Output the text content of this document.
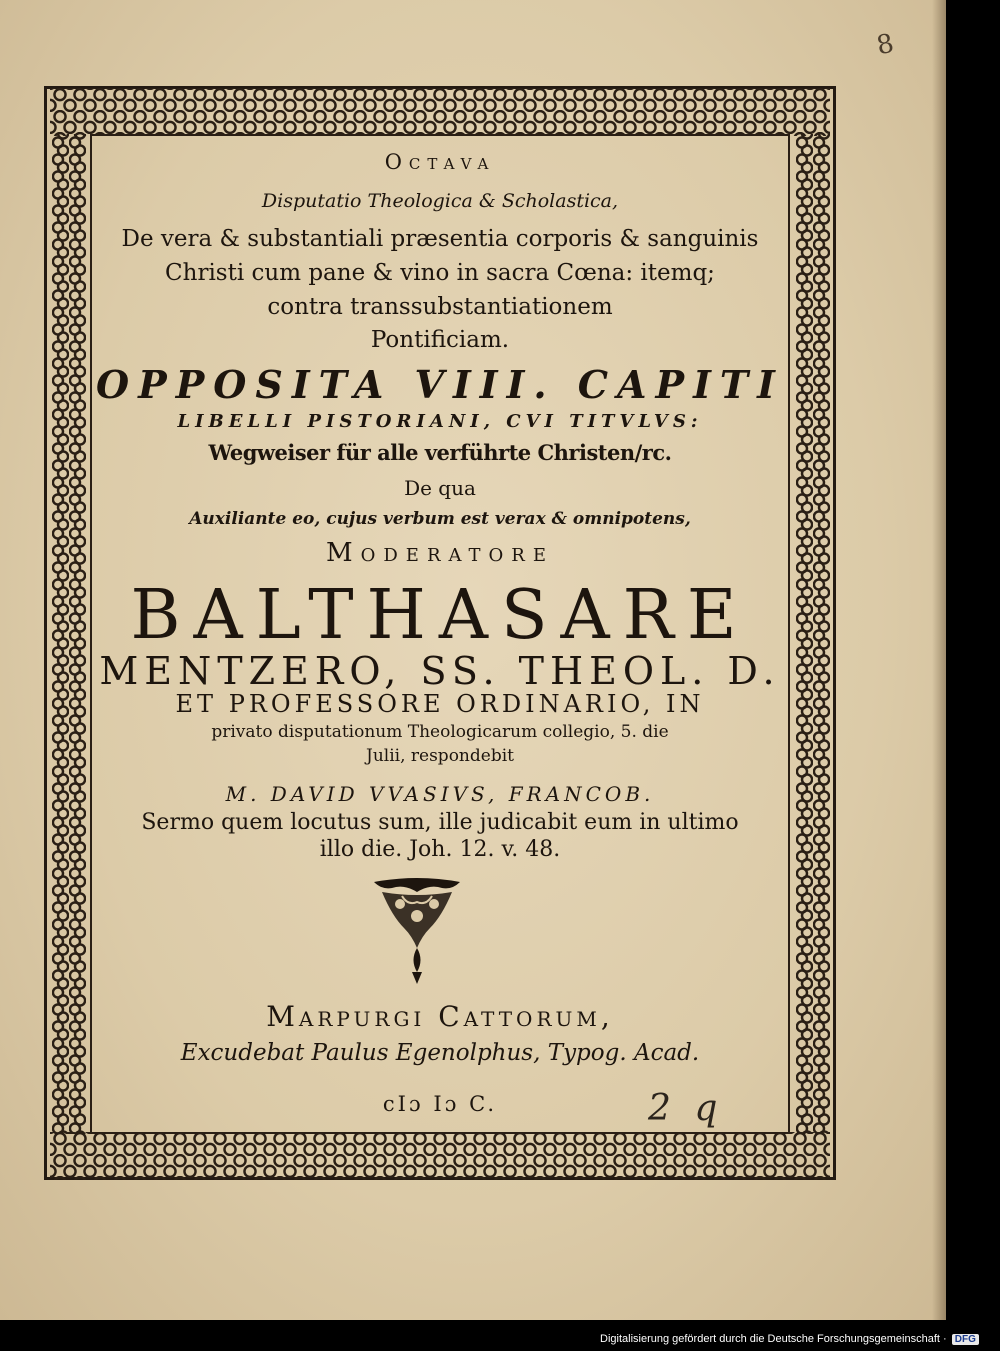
8
Octava
Disputatio Theologica & Scholastica,
De vera & substantiali præsentia corporis & sanguinis
Christi cum pane & vino in sacra Cœna: itemq;
contra transsubstantiationem
Pontificiam.
OPPOSITA VIII. CAPITI
LIBELLI PISTORIANI, CVI TITVLVS:
Wegweiser für alle verführte Christen/rc.
De qua
Auxiliante eo, cujus verbum est verax & omnipotens,
Moderatore
BALTHASARE
MENTZERO, SS. THEOL. D.
ET PROFESSORE ORDINARIO, IN
privato disputationum Theologicarum collegio, 5. die
Julii, respondebit
M. DAVID VVASIVS, FRANCOB.
Sermo quem locutus sum, ille judicabit eum in ultimo
illo die. Joh. 12. v. 48.
Marpurgi Cattorum,
Excudebat Paulus Egenolphus, Typog. Acad.
cIɔ Iɔ C.	2 q
Digitalisierung gefördert durch die Deutsche Forschungsgemeinschaft · DFG
